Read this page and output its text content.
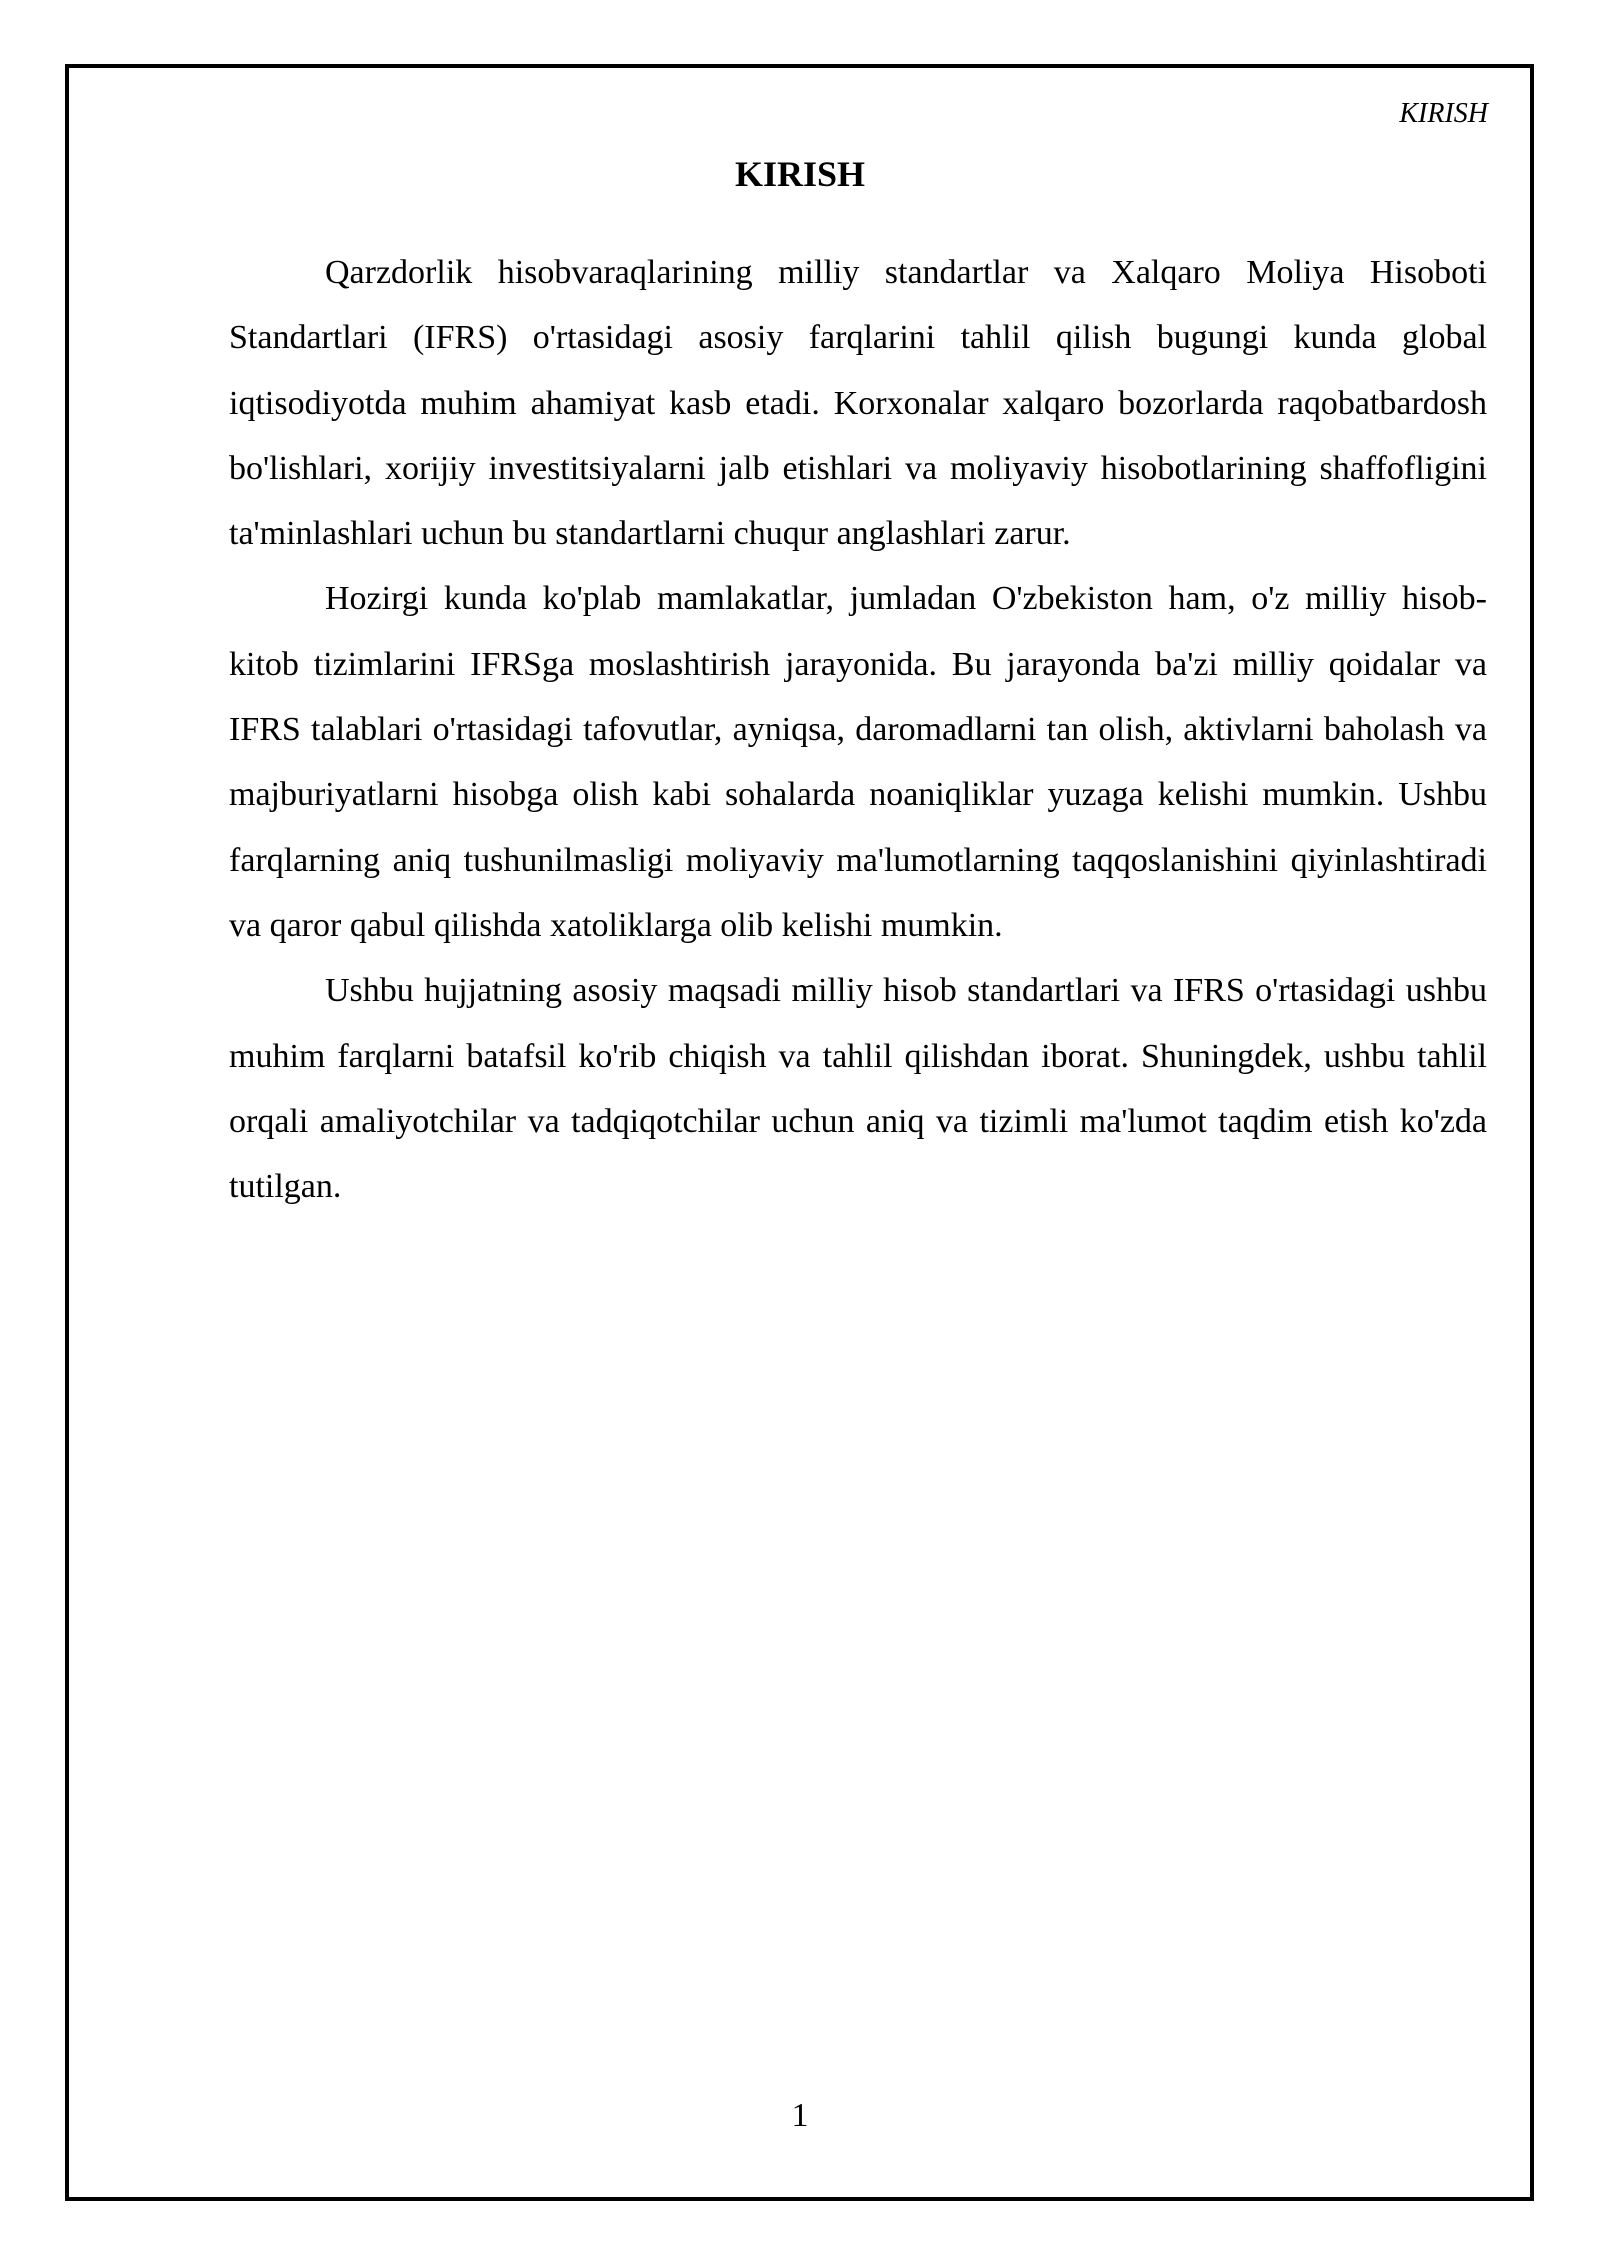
KIRISH
KIRISH

Qarzdorlik hisobvaraqlarining milliy standartlar va Xalqaro Moliya Hisoboti Standartlari (IFRS) o'rtasidagi asosiy farqlarini tahlil qilish bugungi kunda global iqtisodiyotda muhim ahamiyat kasb etadi. Korxonalar xalqaro bozorlarda raqobatbardosh bo'lishlari, xorijiy investitsiyalarni jalb etishlari va moliyaviy hisobotlarining shaffofligini ta'minlashlari uchun bu standartlarni chuqur anglashlari zarur.

Hozirgi kunda ko'plab mamlakatlar, jumladan O'zbekiston ham, o'z milliy hisob-kitob tizimlarini IFRSga moslashtirish jarayonida. Bu jarayonda ba'zi milliy qoidalar va IFRS talablari o'rtasidagi tafovutlar, ayniqsa, daromadlarni tan olish, aktivlarni baholash va majburiyatlarni hisobga olish kabi sohalarda noaniqliklar yuzaga kelishi mumkin. Ushbu farqlarning aniq tushunilmasligi moliyaviy ma'lumotlarning taqqoslanishini qiyinlashtiradi va qaror qabul qilishda xatoliklarga olib kelishi mumkin.

Ushbu hujjatning asosiy maqsadi milliy hisob standartlari va IFRS o'rtasidagi ushbu muhim farqlarni batafsil ko'rib chiqish va tahlil qilishdan iborat. Shuningdek, ushbu tahlil orqali amaliyotchilar va tadqiqotchilar uchun aniq va tizimli ma'lumot taqdim etish ko'zda tutilgan.

1
